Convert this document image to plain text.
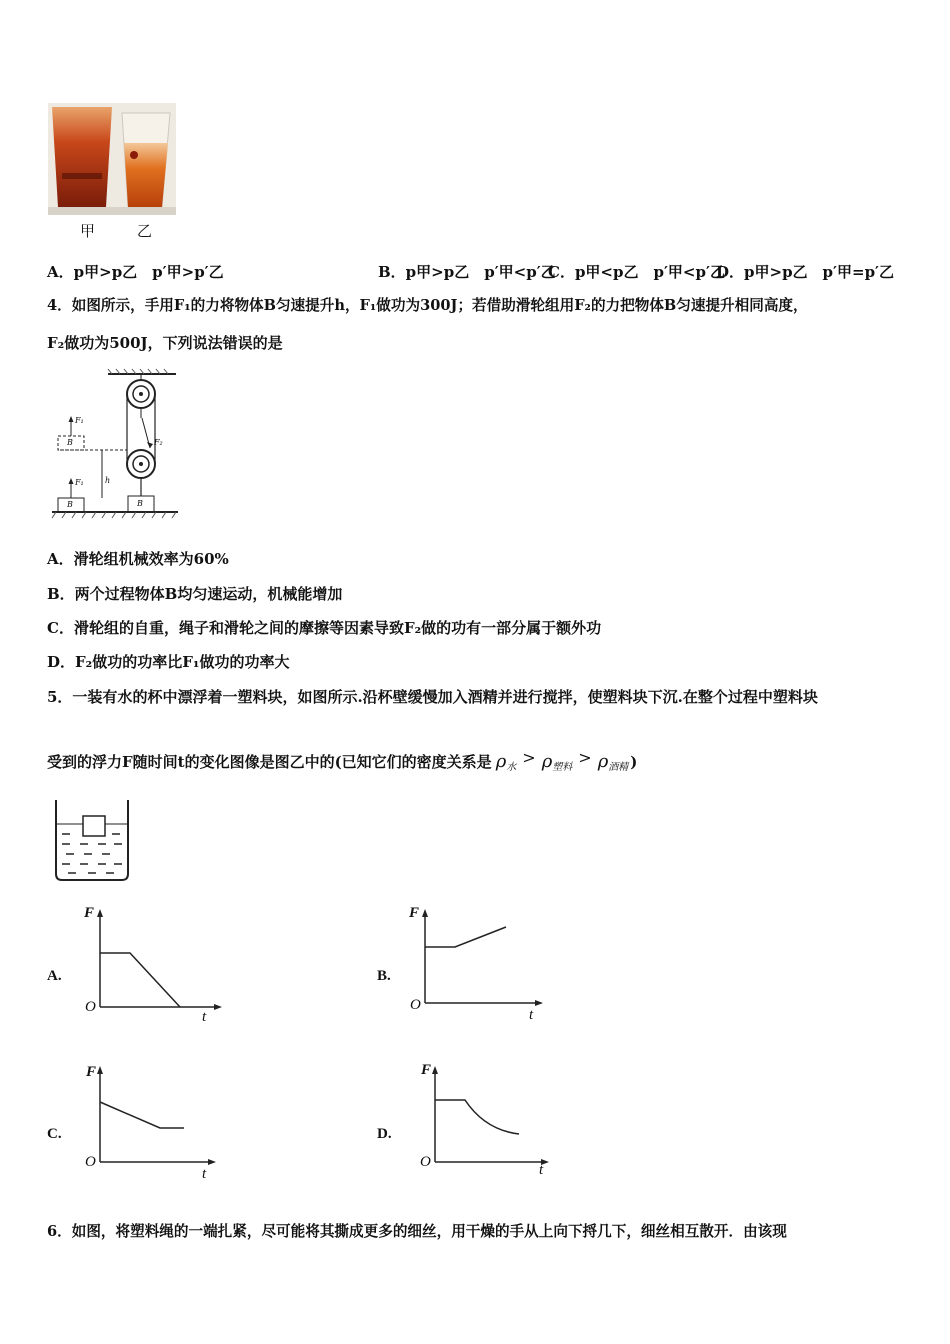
甲	乙
A．p甲>p乙　p′甲>p′乙	B．p甲>p乙　p′甲<p′乙
C．p甲<p乙　p′甲<p′乙
D．p甲>p乙　p′甲=p′乙
4．如图所示，手用F₁的力将物体B匀速提升h，F₁做功为300J；若借助滑轮组用F₂的力把物体B匀速提升相同高度，
F₂做功为500J，下列说法错误的是
F₁
B
h
F₁
B	B
F₂
A．滑轮组机械效率为60%
B．两个过程物体B均匀速运动，机械能增加
C．滑轮组的自重，绳子和滑轮之间的摩擦等因素导致F₂做的功有一部分属于额外功
D．F₂做功的功率比F₁做功的功率大
5．一装有水的杯中漂浮着一塑料块，如图所示.沿杯壁缓慢加入酒精并进行搅拌，使塑料块下沉.在整个过程中塑料块
受到的浮力F随时间t的变化图像是图乙中的(已知它们的密度关系是 $\rho_水> \rho_{塑料}> \rho_{酒精}$ )
A.
F
O
t
B.
F
O
t
C.
F
O
t
D.
F
O	t
6．如图，将塑料绳的一端扎紧，尽可能将其撕成更多的细丝，用干燥的手从上向下捋几下，细丝相互散开．由该现
